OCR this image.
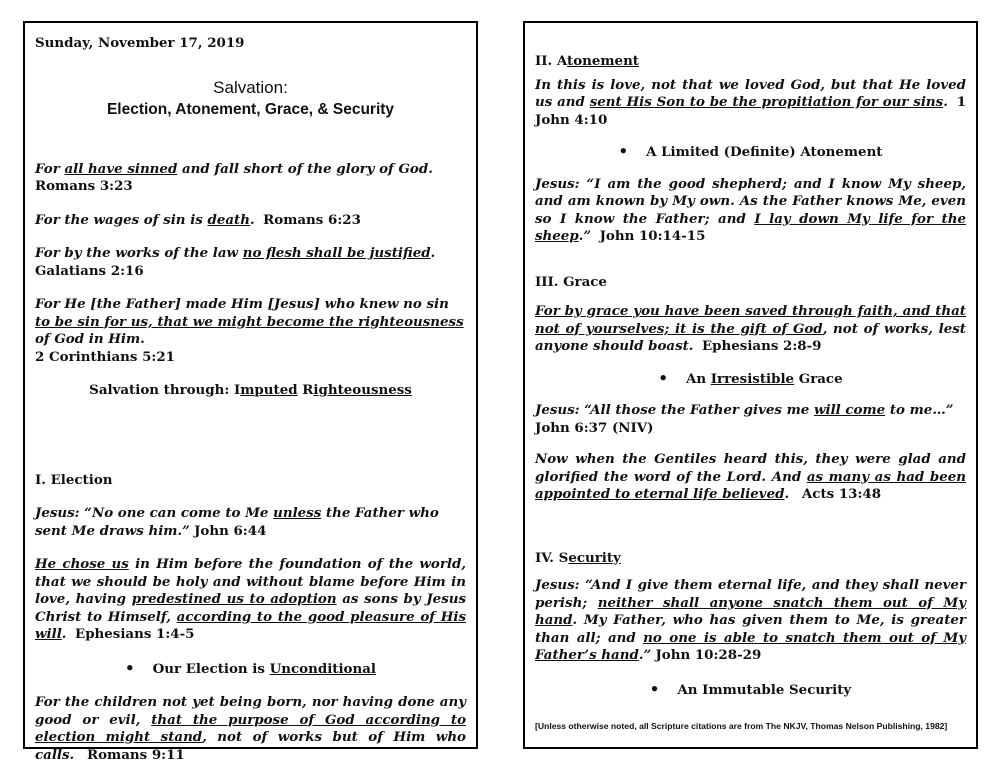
Sunday, November 17, 2019
Salvation:
Election, Atonement, Grace, & Security

For all have sinned and fall short of the glory of God.
Romans 3:23

For the wages of sin is death. Romans 6:23

For by the works of the law no flesh shall be justified.
Galatians 2:16

For He [the Father] made Him [Jesus] who knew no sin to be sin for us, that we might become the righteousness of God in Him.
2 Corinthians 5:21

Salvation through: Imputed Righteousness
I. Election

Jesus: “No one can come to Me unless the Father who sent Me draws him.” John 6:44

He chose us in Him before the foundation of the world, that we should be holy and without blame before Him in love, having predestined us to adoption as sons by Jesus Christ to Himself, according to the good pleasure of His will. Ephesians 1:4-5

• Our Election is Unconditional

For the children not yet being born, nor having done any good or evil, that the purpose of God according to election might stand, not of works but of Him who calls. Romans 9:11

II. Atonement

In this is love, not that we loved God, but that He loved us and sent His Son to be the propitiation for our sins. 1 John 4:10

• A Limited (Definite) Atonement

Jesus: “I am the good shepherd; and I know My sheep, and am known by My own. As the Father knows Me, even so I know the Father; and I lay down My life for the sheep.” John 10:14-15

III. Grace

For by grace you have been saved through faith, and that not of yourselves; it is the gift of God, not of works, lest anyone should boast. Ephesians 2:8-9

• An Irresistible Grace

Jesus: “All those the Father gives me will come to me…”
John 6:37 (NIV)

Now when the Gentiles heard this, they were glad and glorified the word of the Lord. And as many as had been appointed to eternal life believed. Acts 13:48

IV. Security

Jesus: “And I give them eternal life, and they shall never perish; neither shall anyone snatch them out of My hand. My Father, who has given them to Me, is greater than all; and no one is able to snatch them out of My Father’s hand.” John 10:28-29

• An Immutable Security
[Unless otherwise noted, all Scripture citations are from The NKJV, Thomas Nelson Publishing, 1982]
